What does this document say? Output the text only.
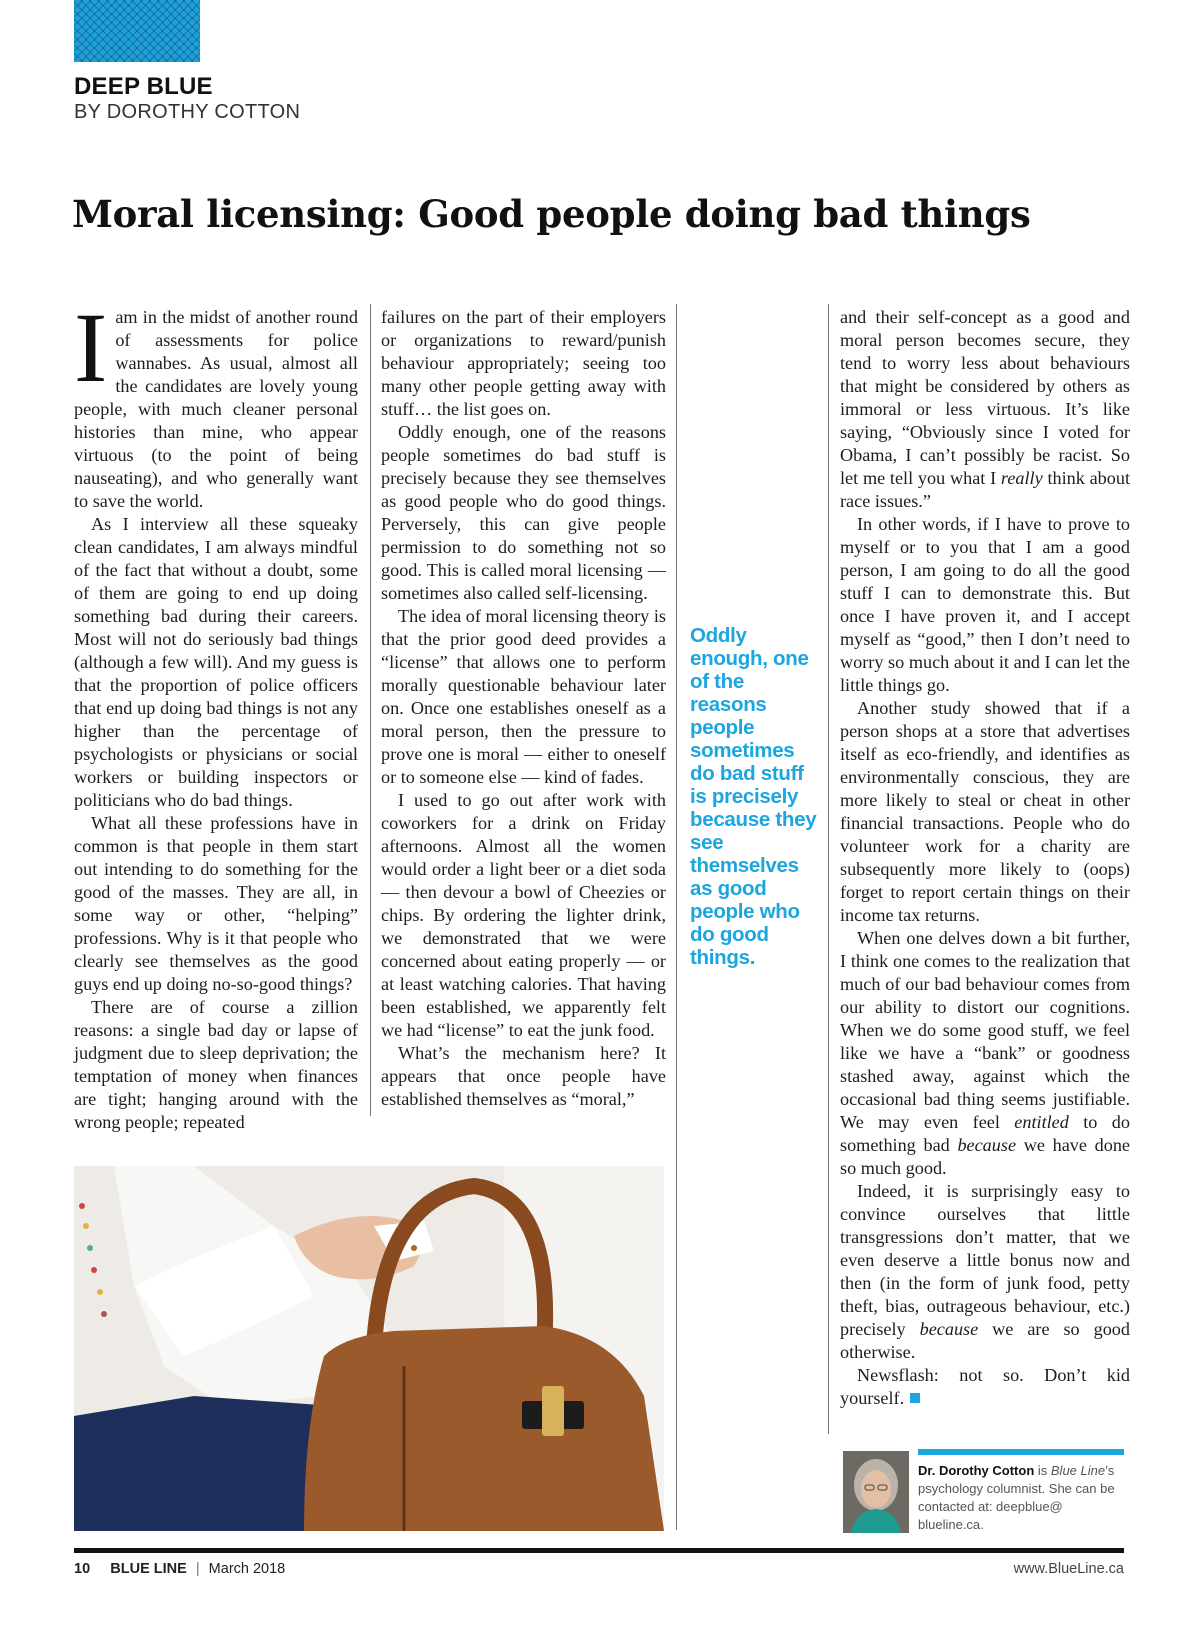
DEEP BLUE
BY DOROTHY COTTON
Moral licensing: Good people doing bad things

Iam in the midst of another round of assessments for police wannabes. As usual, almost all the candidates are lovely young people, with much cleaner personal histories than mine, who appear virtuous (to the point of being nauseating), and who generally want to save the world.

As I interview all these squeaky clean candidates, I am always mindful of the fact that without a doubt, some of them are going to end up doing something bad during their careers. Most will not do seriously bad things (although a few will). And my guess is that the proportion of police officers that end up doing bad things is not any higher than the percentage of psychologists or physicians or social workers or building inspectors or politicians who do bad things.

What all these professions have in common is that people in them start out intending to do something for the good of the masses. They are all, in some way or other, “helping” professions. Why is it that people who clearly see themselves as the good guys end up doing no-so-good things?

There are of course a zillion reasons: a single bad day or lapse of judgment due to sleep deprivation; the temptation of money when finances are tight; hanging around with the wrong people; repeated

failures on the part of their employers or organizations to reward/punish behaviour appropriately; seeing too many other people getting away with stuff… the list goes on.

Oddly enough, one of the reasons people sometimes do bad stuff is precisely because they see themselves as good people who do good things. Perversely, this can give people permission to do something not so good. This is called moral licensing — sometimes also called self-licensing.

The idea of moral licensing theory is that the prior good deed provides a “license” that allows one to perform morally questionable behaviour later on. Once one establishes oneself as a moral person, then the pressure to prove one is moral — either to oneself or to someone else — kind of fades.

I used to go out after work with coworkers for a drink on Friday afternoons. Almost all the women would order a light beer or a diet soda — then devour a bowl of Cheezies or chips. By ordering the lighter drink, we demonstrated that we were concerned about eating properly — or at least watching calories. That having been established, we apparently felt we had “license” to eat the junk food.

What’s the mechanism here? It appears that once people have established themselves as “moral,”

Oddly enough, one of the reasons people sometimes do bad stuff is precisely because they see themselves as good people who do good things.

and their self-concept as a good and moral person becomes secure, they tend to worry less about behaviours that might be considered by others as immoral or less virtuous. It’s like saying, “Obviously since I voted for Obama, I can’t possibly be racist. So let me tell you what I really think about race issues.”

In other words, if I have to prove to myself or to you that I am a good person, I am going to do all the good stuff I can to demonstrate this. But once I have proven it, and I accept myself as “good,” then I don’t need to worry so much about it and I can let the little things go.

Another study showed that if a person shops at a store that advertises itself as eco-friendly, and identifies as environmentally conscious, they are more likely to steal or cheat in other financial transactions. People who do volunteer work for a charity are subsequently more likely to (oops) forget to report certain things on their income tax returns.

When one delves down a bit further, I think one comes to the realization that much of our bad behaviour comes from our ability to distort our cognitions. When we do some good stuff, we feel like we have a “bank” or goodness stashed away, against which the occasional bad thing seems justifiable. We may even feel entitled to do something bad because we have done so much good.

Indeed, it is surprisingly easy to convince ourselves that little transgressions don’t matter, that we even deserve a little bonus now and then (in the form of junk food, petty theft, bias, outrageous behaviour, etc.) precisely because we are so good otherwise.

Newsflash: not so. Don’t kid yourself.

Dr. Dorothy Cotton is Blue Line’s psychology columnist. She can be contacted at: deepblue@ blueline.ca.
10 BLUE LINE | March 2018	www.BlueLine.ca
